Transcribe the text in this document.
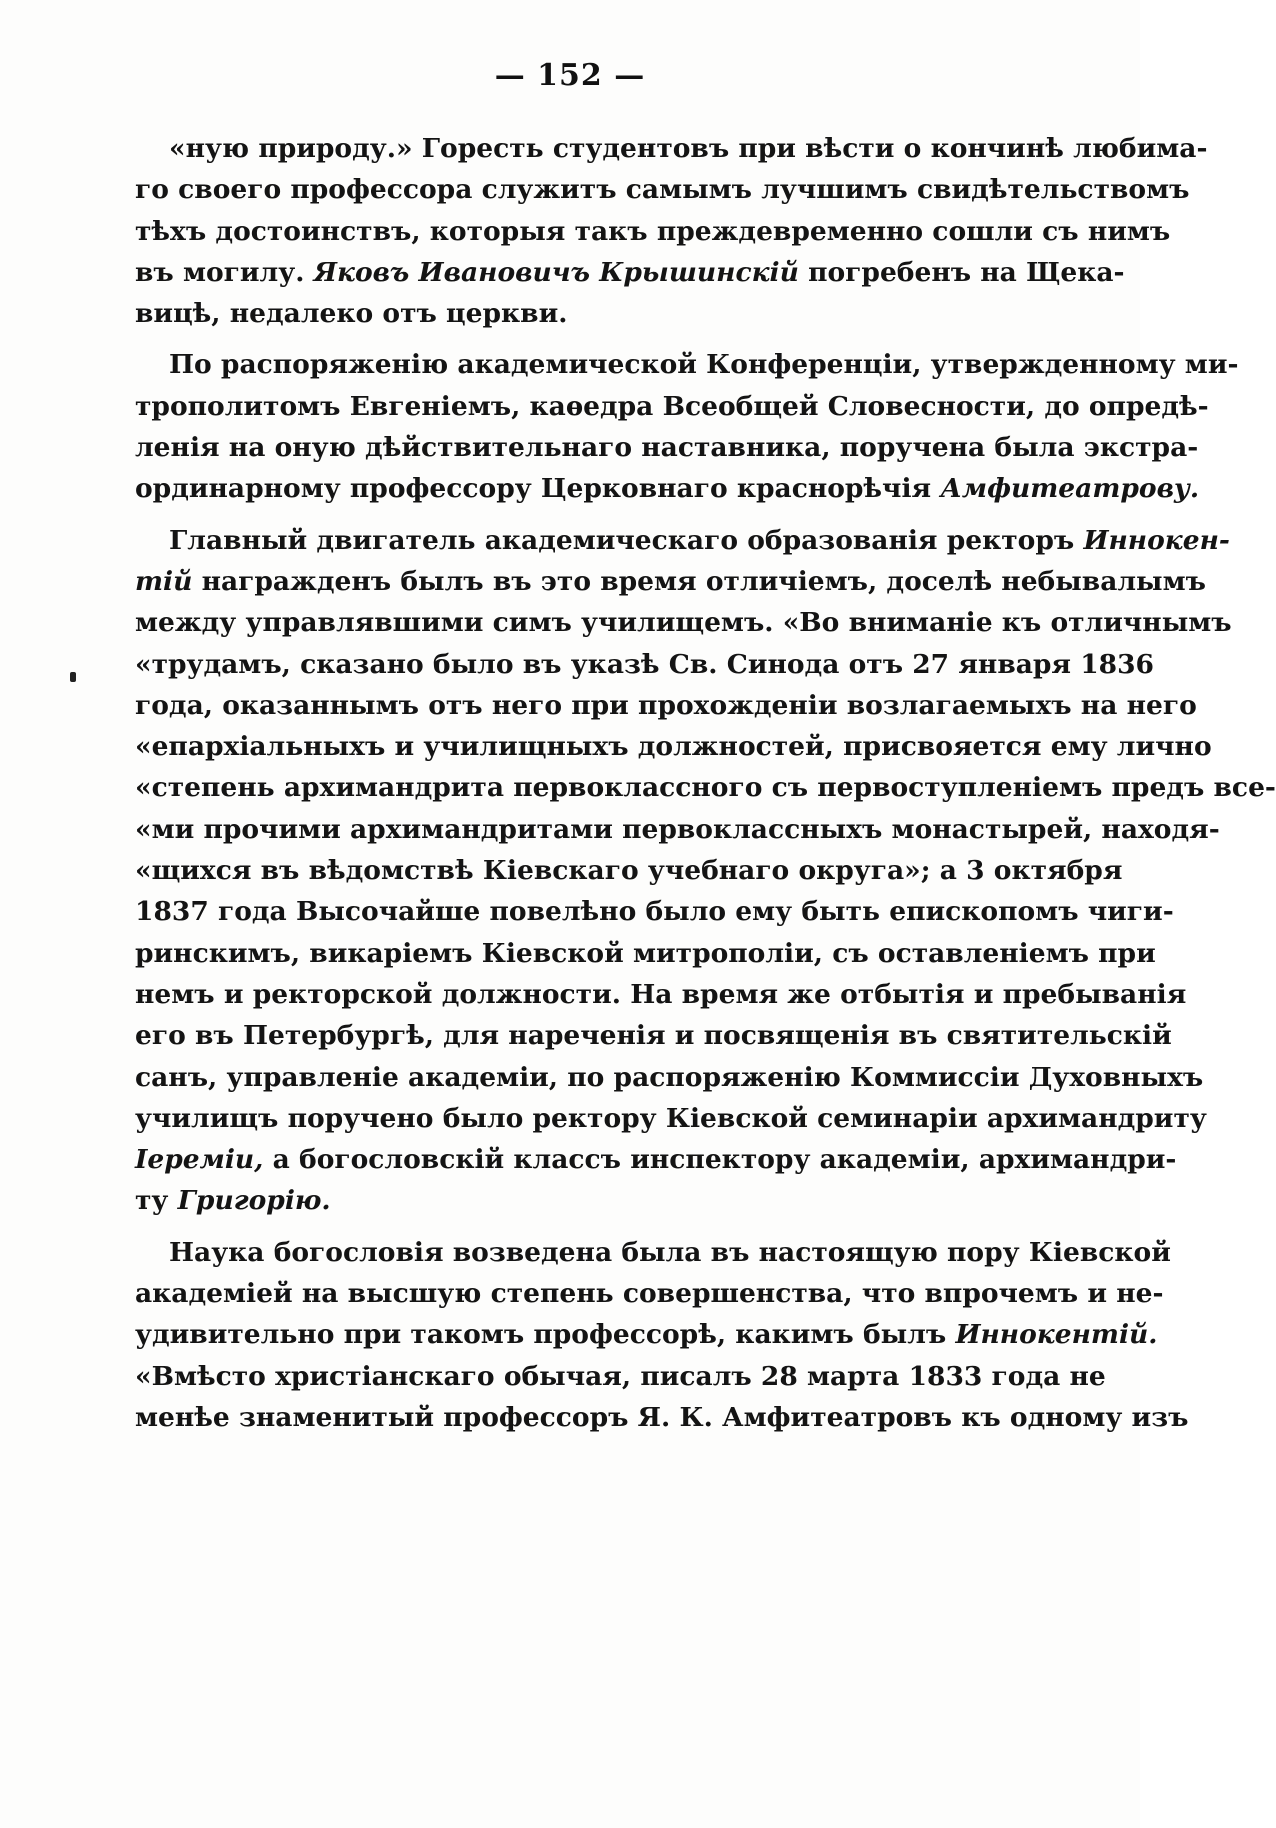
— 152 —
«ную природу.» Горесть студентовъ при вѣсти о кончинѣ любима-
го своего профессора служитъ самымъ лучшимъ свидѣтельствомъ
тѣхъ достоинствъ, которыя такъ преждевременно сошли съ нимъ
въ могилу. Яковъ Ивановичъ Крышинскій погребенъ на Щека-
вицѣ, недалеко отъ церкви.
По распоряженію академической Конференціи, утвержденному ми-
трополитомъ Евгеніемъ, каѳедра Всеобщей Словесности, до опредѣ-
ленія на оную дѣйствительнаго наставника, поручена была экстра-
ординарному профессору Церковнаго краснорѣчія Амфитеатрову.
Главный двигатель академическаго образованія ректоръ Иннокен-
тій награжденъ былъ въ это время отличіемъ, доселѣ небывалымъ
между управлявшими симъ училищемъ. «Во вниманіе къ отличнымъ
«трудамъ, сказано было въ указѣ Св. Синода отъ 27 января 1836
года, оказаннымъ отъ него при прохожденіи возлагаемыхъ на него
«епархіальныхъ и училищныхъ должностей, присвояется ему лично
«степень архимандрита первоклассного съ первоступленіемъ предъ все-
«ми прочими архимандритами первоклассныхъ монастырей, находя-
«щихся въ вѣдомствѣ Кіевскаго учебнаго округа»; а 3 октября
1837 года Высочайше повелѣно было ему быть епископомъ чиги-
ринскимъ, викаріемъ Кіевской митрополіи, съ оставленіемъ при
немъ и ректорской должности. На время же отбытія и пребыванія
его въ Петербургѣ, для нареченія и посвященія въ святительскій
санъ, управленіе академіи, по распоряженію Коммиссіи Духовныхъ
училищъ поручено было ректору Кіевской семинаріи архимандриту
Іереміи, а богословскій классъ инспектору академіи, архимандри-
ту Григорію.
Наука богословія возведена была въ настоящую пору Кіевской
академіей на высшую степень совершенства, что впрочемъ и не-
удивительно при такомъ профессорѣ, какимъ былъ Иннокентій.
«Вмѣсто христіанскаго обычая, писалъ 28 марта 1833 года не
менѣе знаменитый профессоръ Я. К. Амфитеатровъ къ одному изъ
